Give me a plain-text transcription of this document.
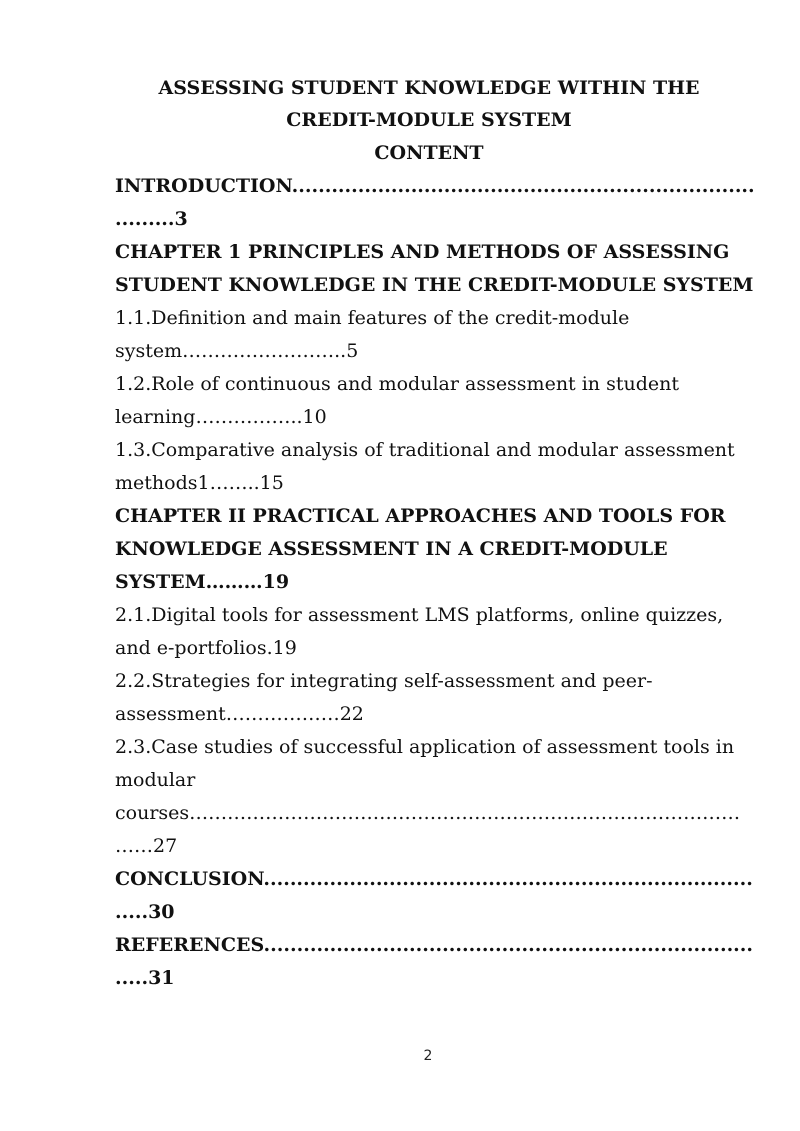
ASSESSING STUDENT KNOWLEDGE WITHIN THE
CREDIT-MODULE SYSTEM
CONTENT
INTRODUCTION...............................................................................3
CHAPTER 1 PRINCIPLES AND METHODS OF ASSESSING STUDENT KNOWLEDGE IN THE CREDIT-MODULE SYSTEM
1.1.Definition and main features of the credit-module system……………………..5
1.2.Role of continuous and modular assessment in student learning……………..10
1.3.Comparative analysis of traditional and modular assessment methods1……..15
CHAPTER II PRACTICAL APPROACHES AND TOOLS FOR KNOWLEDGE ASSESSMENT IN A CREDIT-MODULE SYSTEM………19
2.1.Digital tools for assessment LMS platforms, online quizzes, and e-portfolios.19
2.2.Strategies for integrating self-assessment and peer-assessment………………22
2.3.Case studies of successful application of assessment tools in modular courses…………………………………………………………………………………27
CONCLUSION...............................................................................30
REFERENCES...............................................................................31
2
